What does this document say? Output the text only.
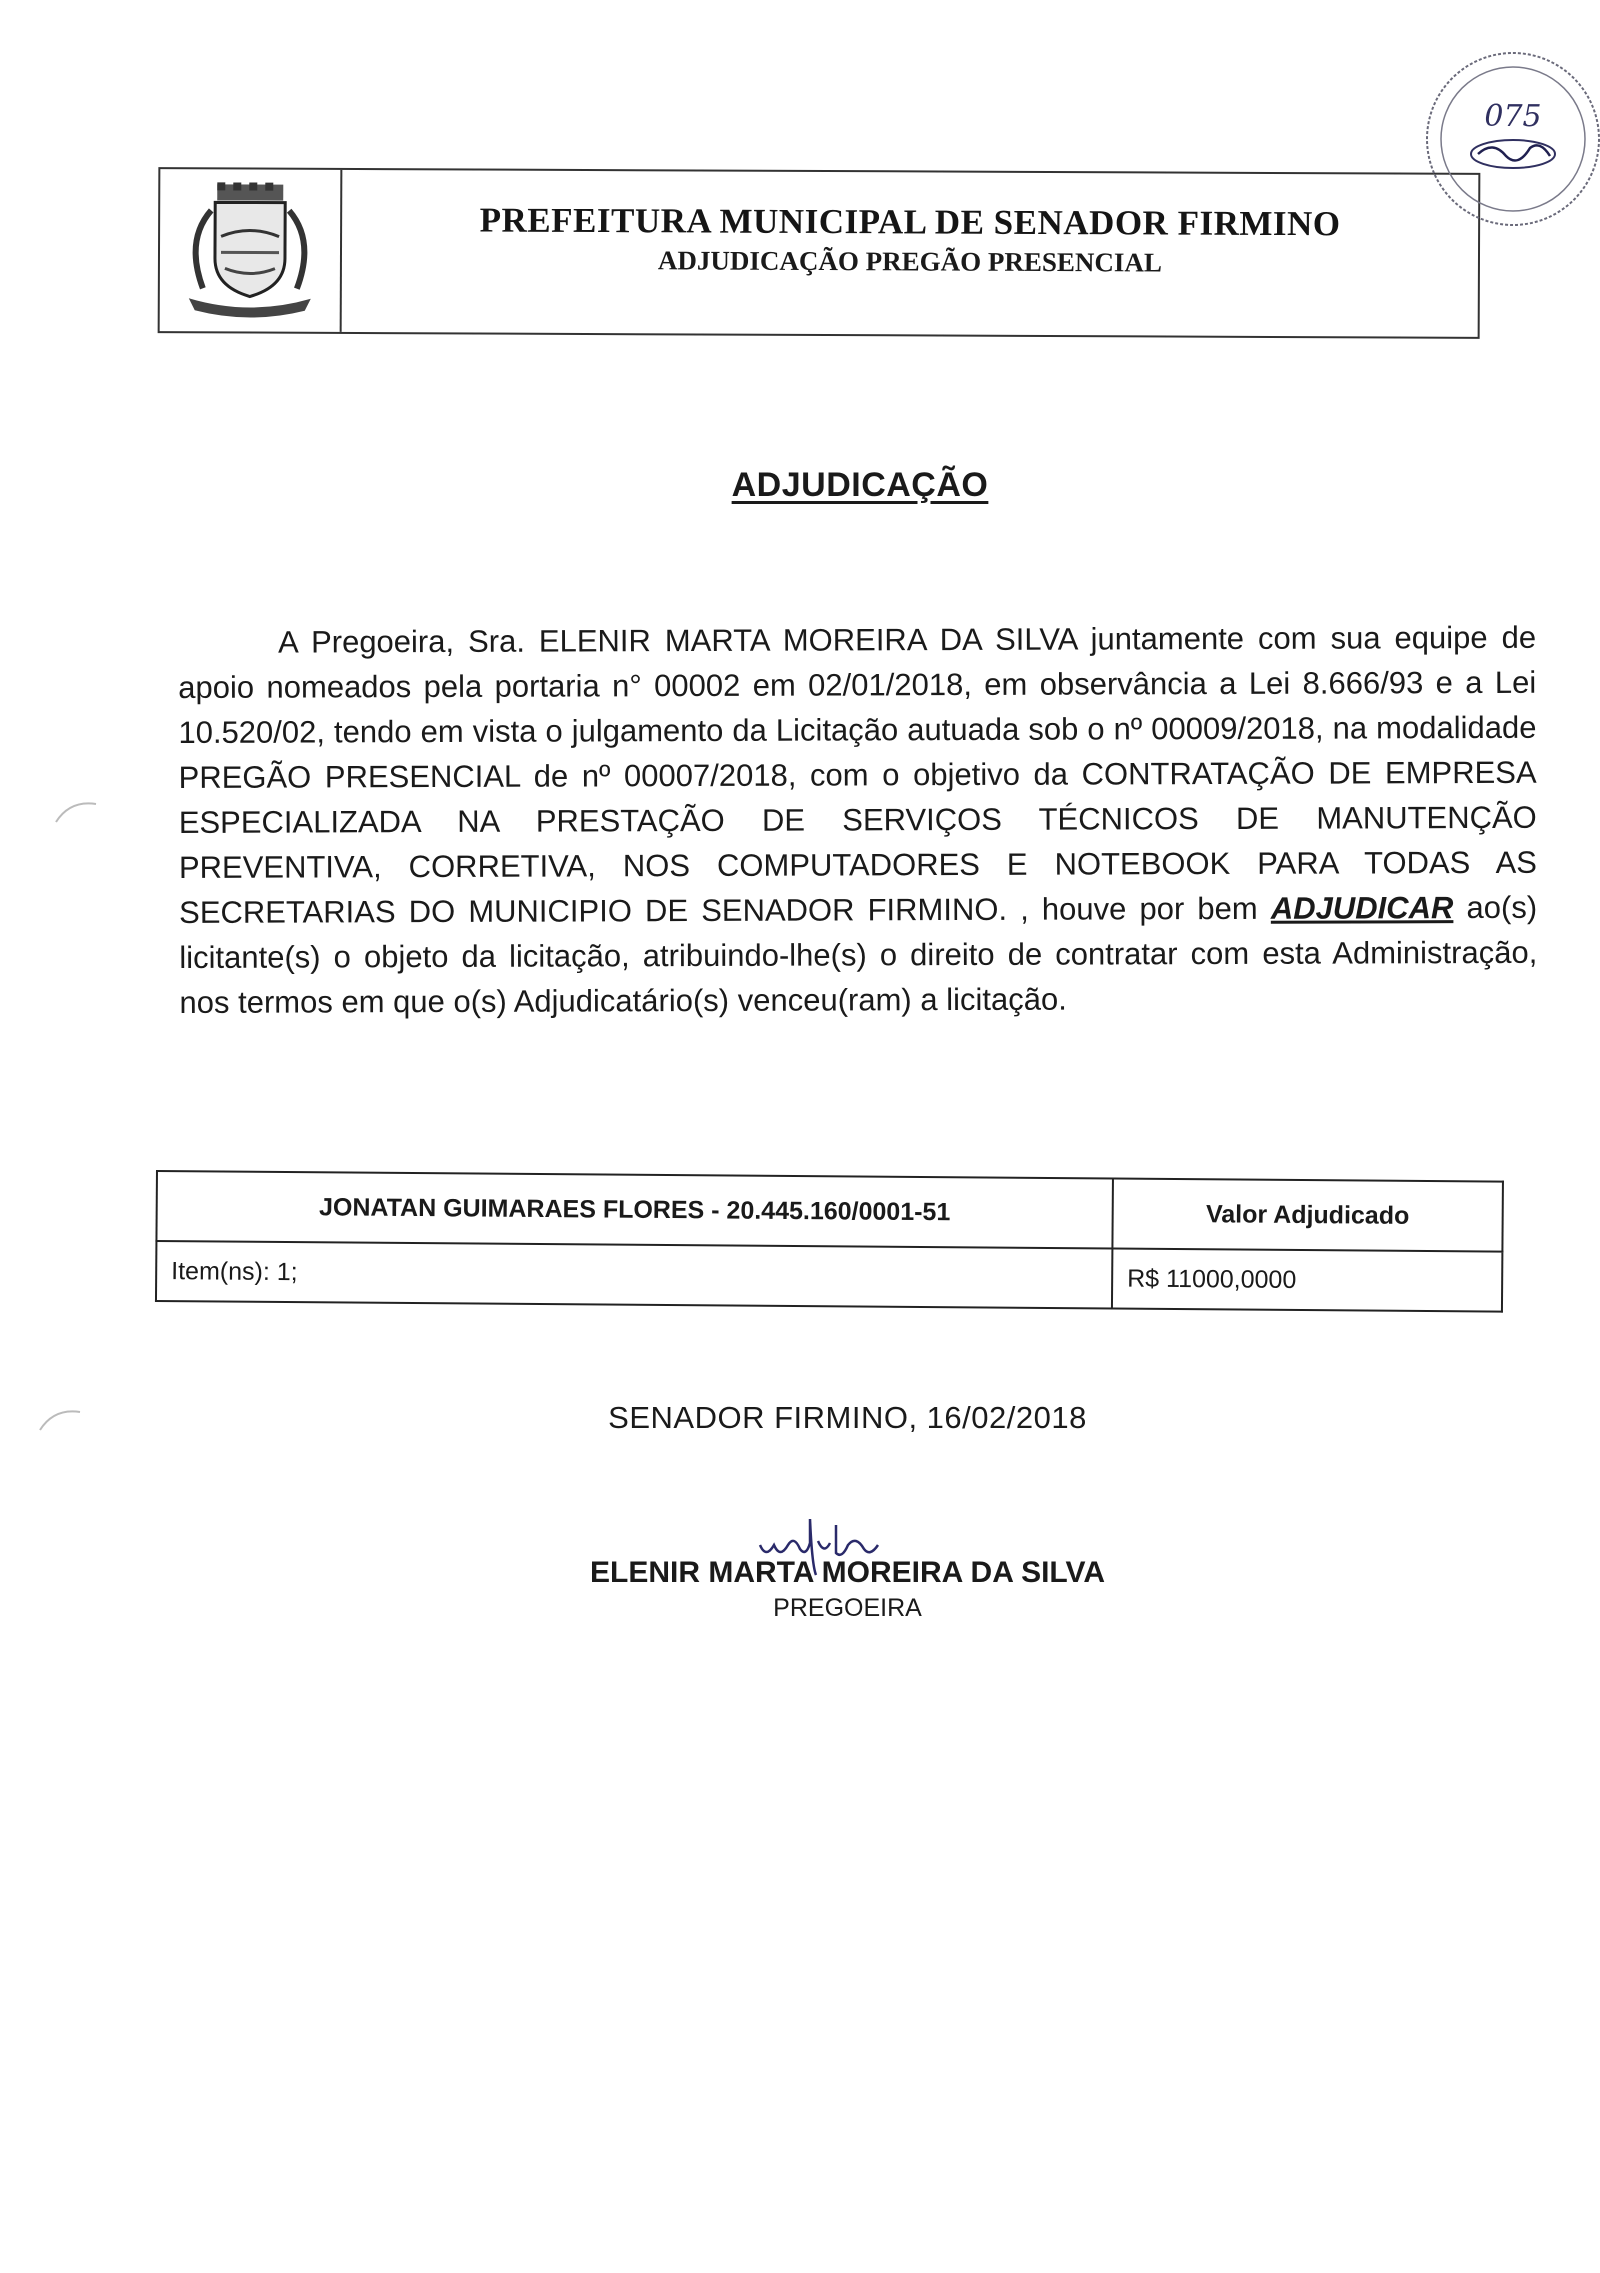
PREFEITURA MUNICIPAL DE SENADOR FIRMINO
ADJUDICAÇÃO PREGÃO PRESENCIAL
075
ADJUDICAÇÃO

A Pregoeira, Sra. ELENIR MARTA MOREIRA DA SILVA juntamente com sua equipe de apoio nomeados pela portaria n° 00002 em 02/01/2018, em observância a Lei 8.666/93 e a Lei 10.520/02, tendo em vista o julgamento da Licitação autuada sob o nº 00009/2018, na modalidade PREGÃO PRESENCIAL de nº 00007/2018, com o objetivo da CONTRATAÇÃO DE EMPRESA ESPECIALIZADA NA PRESTAÇÃO DE SERVIÇOS TÉCNICOS DE MANUTENÇÃO PREVENTIVA, CORRETIVA, NOS COMPUTADORES E NOTEBOOK PARA TODAS AS SECRETARIAS DO MUNICIPIO DE SENADOR FIRMINO. , houve por bem ADJUDICAR ao(s) licitante(s) o objeto da licitação, atribuindo-lhe(s) o direito de contratar com esta Administração, nos termos em que o(s) Adjudicatário(s) venceu(ram) a licitação.

JONATAN GUIMARAES FLORES - 20.445.160/0001-51	Valor Adjudicado
Item(ns): 1;	R$ 11000,0000
SENADOR FIRMINO, 16/02/2018
ELENIR MARTA MOREIRA DA SILVA
PREGOEIRA
